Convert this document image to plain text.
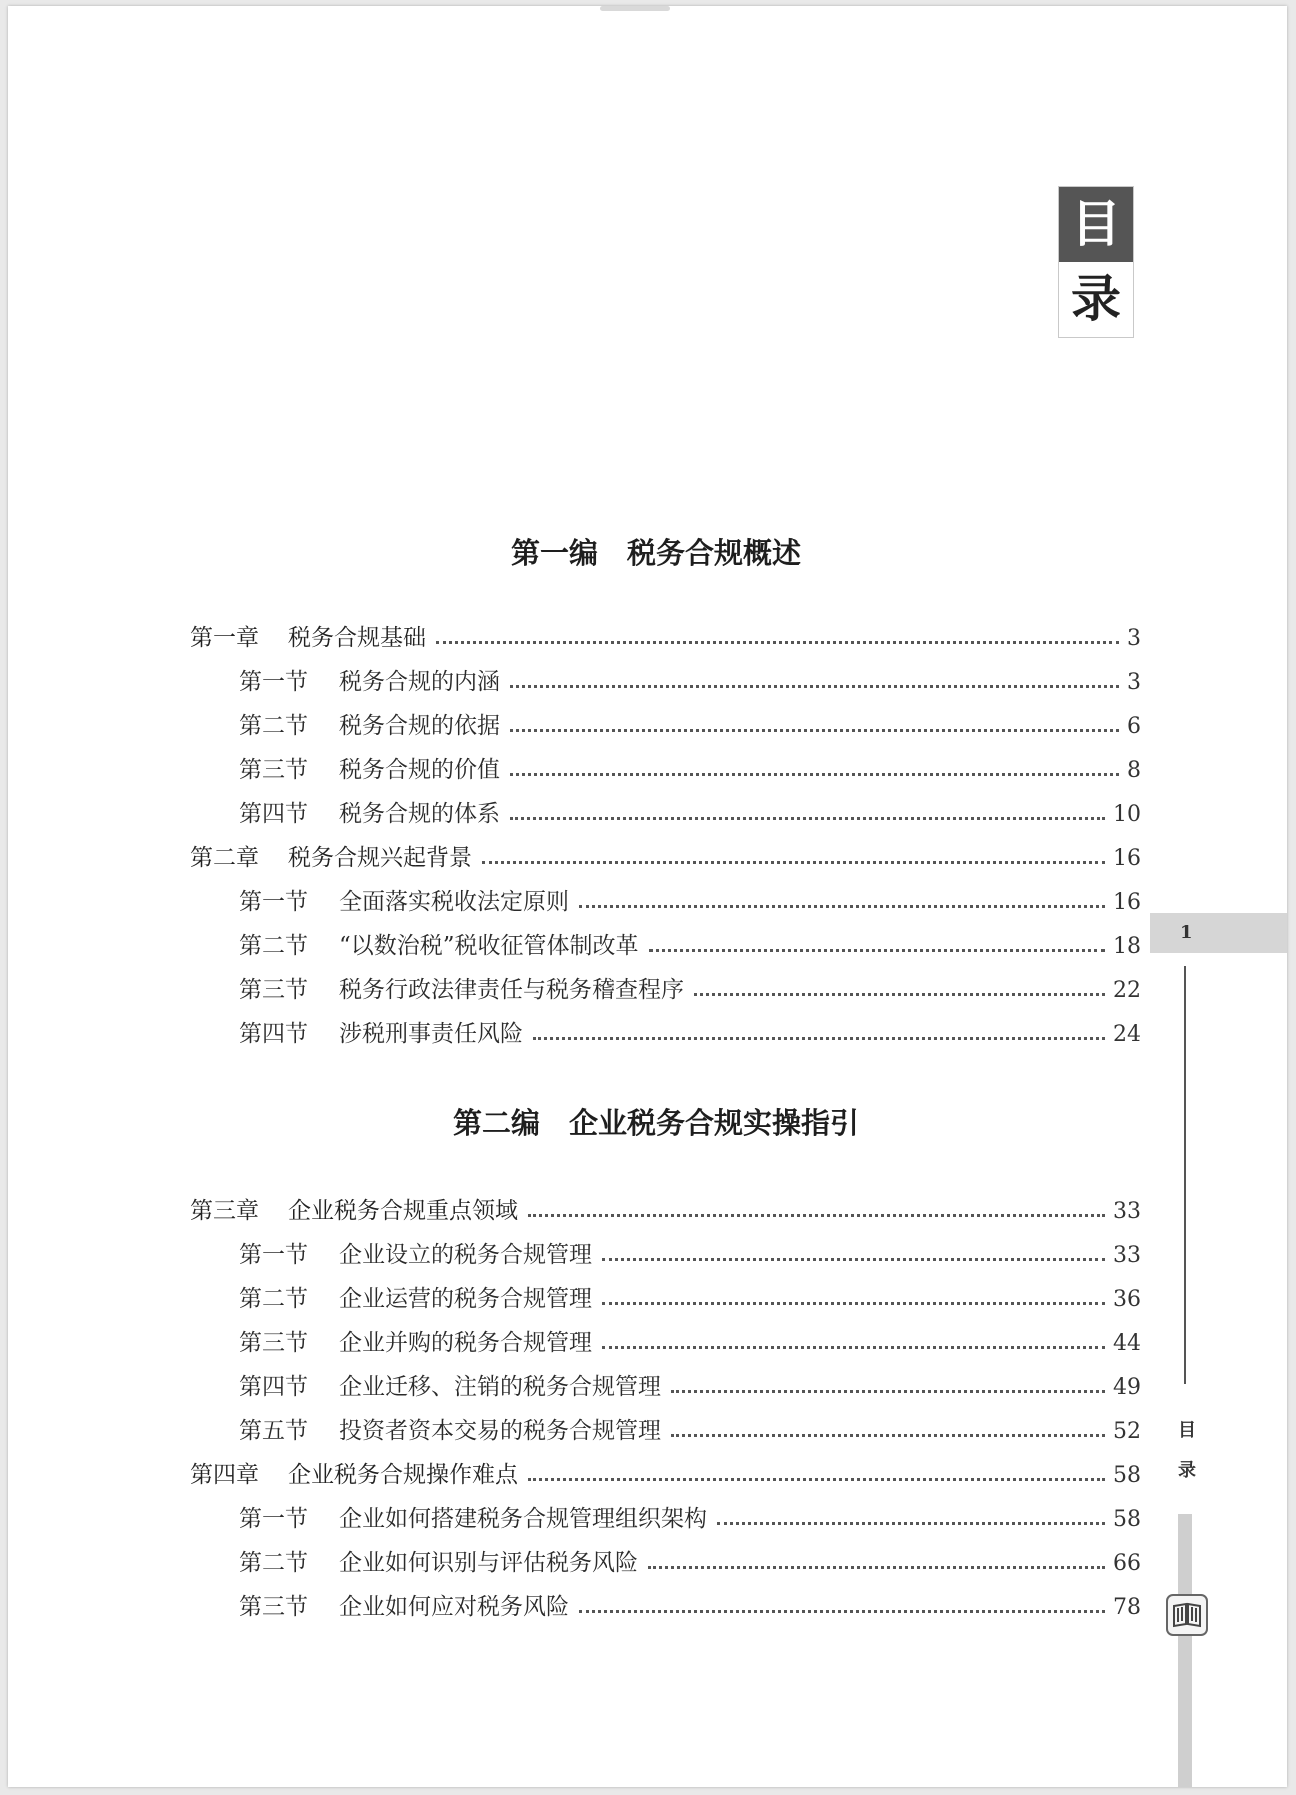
目
录
第一编　税务合规概述
第二编　企业税务合规实操指引
第一章	税务合规基础	3
第一节	税务合规的内涵	3
第二节	税务合规的依据	6
第三节	税务合规的价值	8
第四节	税务合规的体系	10
第二章	税务合规兴起背景	16
第一节	全面落实税收法定原则	16
第二节	“以数治税”税收征管体制改革	18
第三节	税务行政法律责任与税务稽查程序	22
第四节	涉税刑事责任风险	24
第三章	企业税务合规重点领域	33
第一节	企业设立的税务合规管理	33
第二节	企业运营的税务合规管理	36
第三节	企业并购的税务合规管理	44
第四节	企业迁移、注销的税务合规管理	49
第五节	投资者资本交易的税务合规管理	52
第四章	企业税务合规操作难点	58
第一节	企业如何搭建税务合规管理组织架构	58
第二节	企业如何识别与评估税务风险	66
第三节	企业如何应对税务风险	78
1
目
录
